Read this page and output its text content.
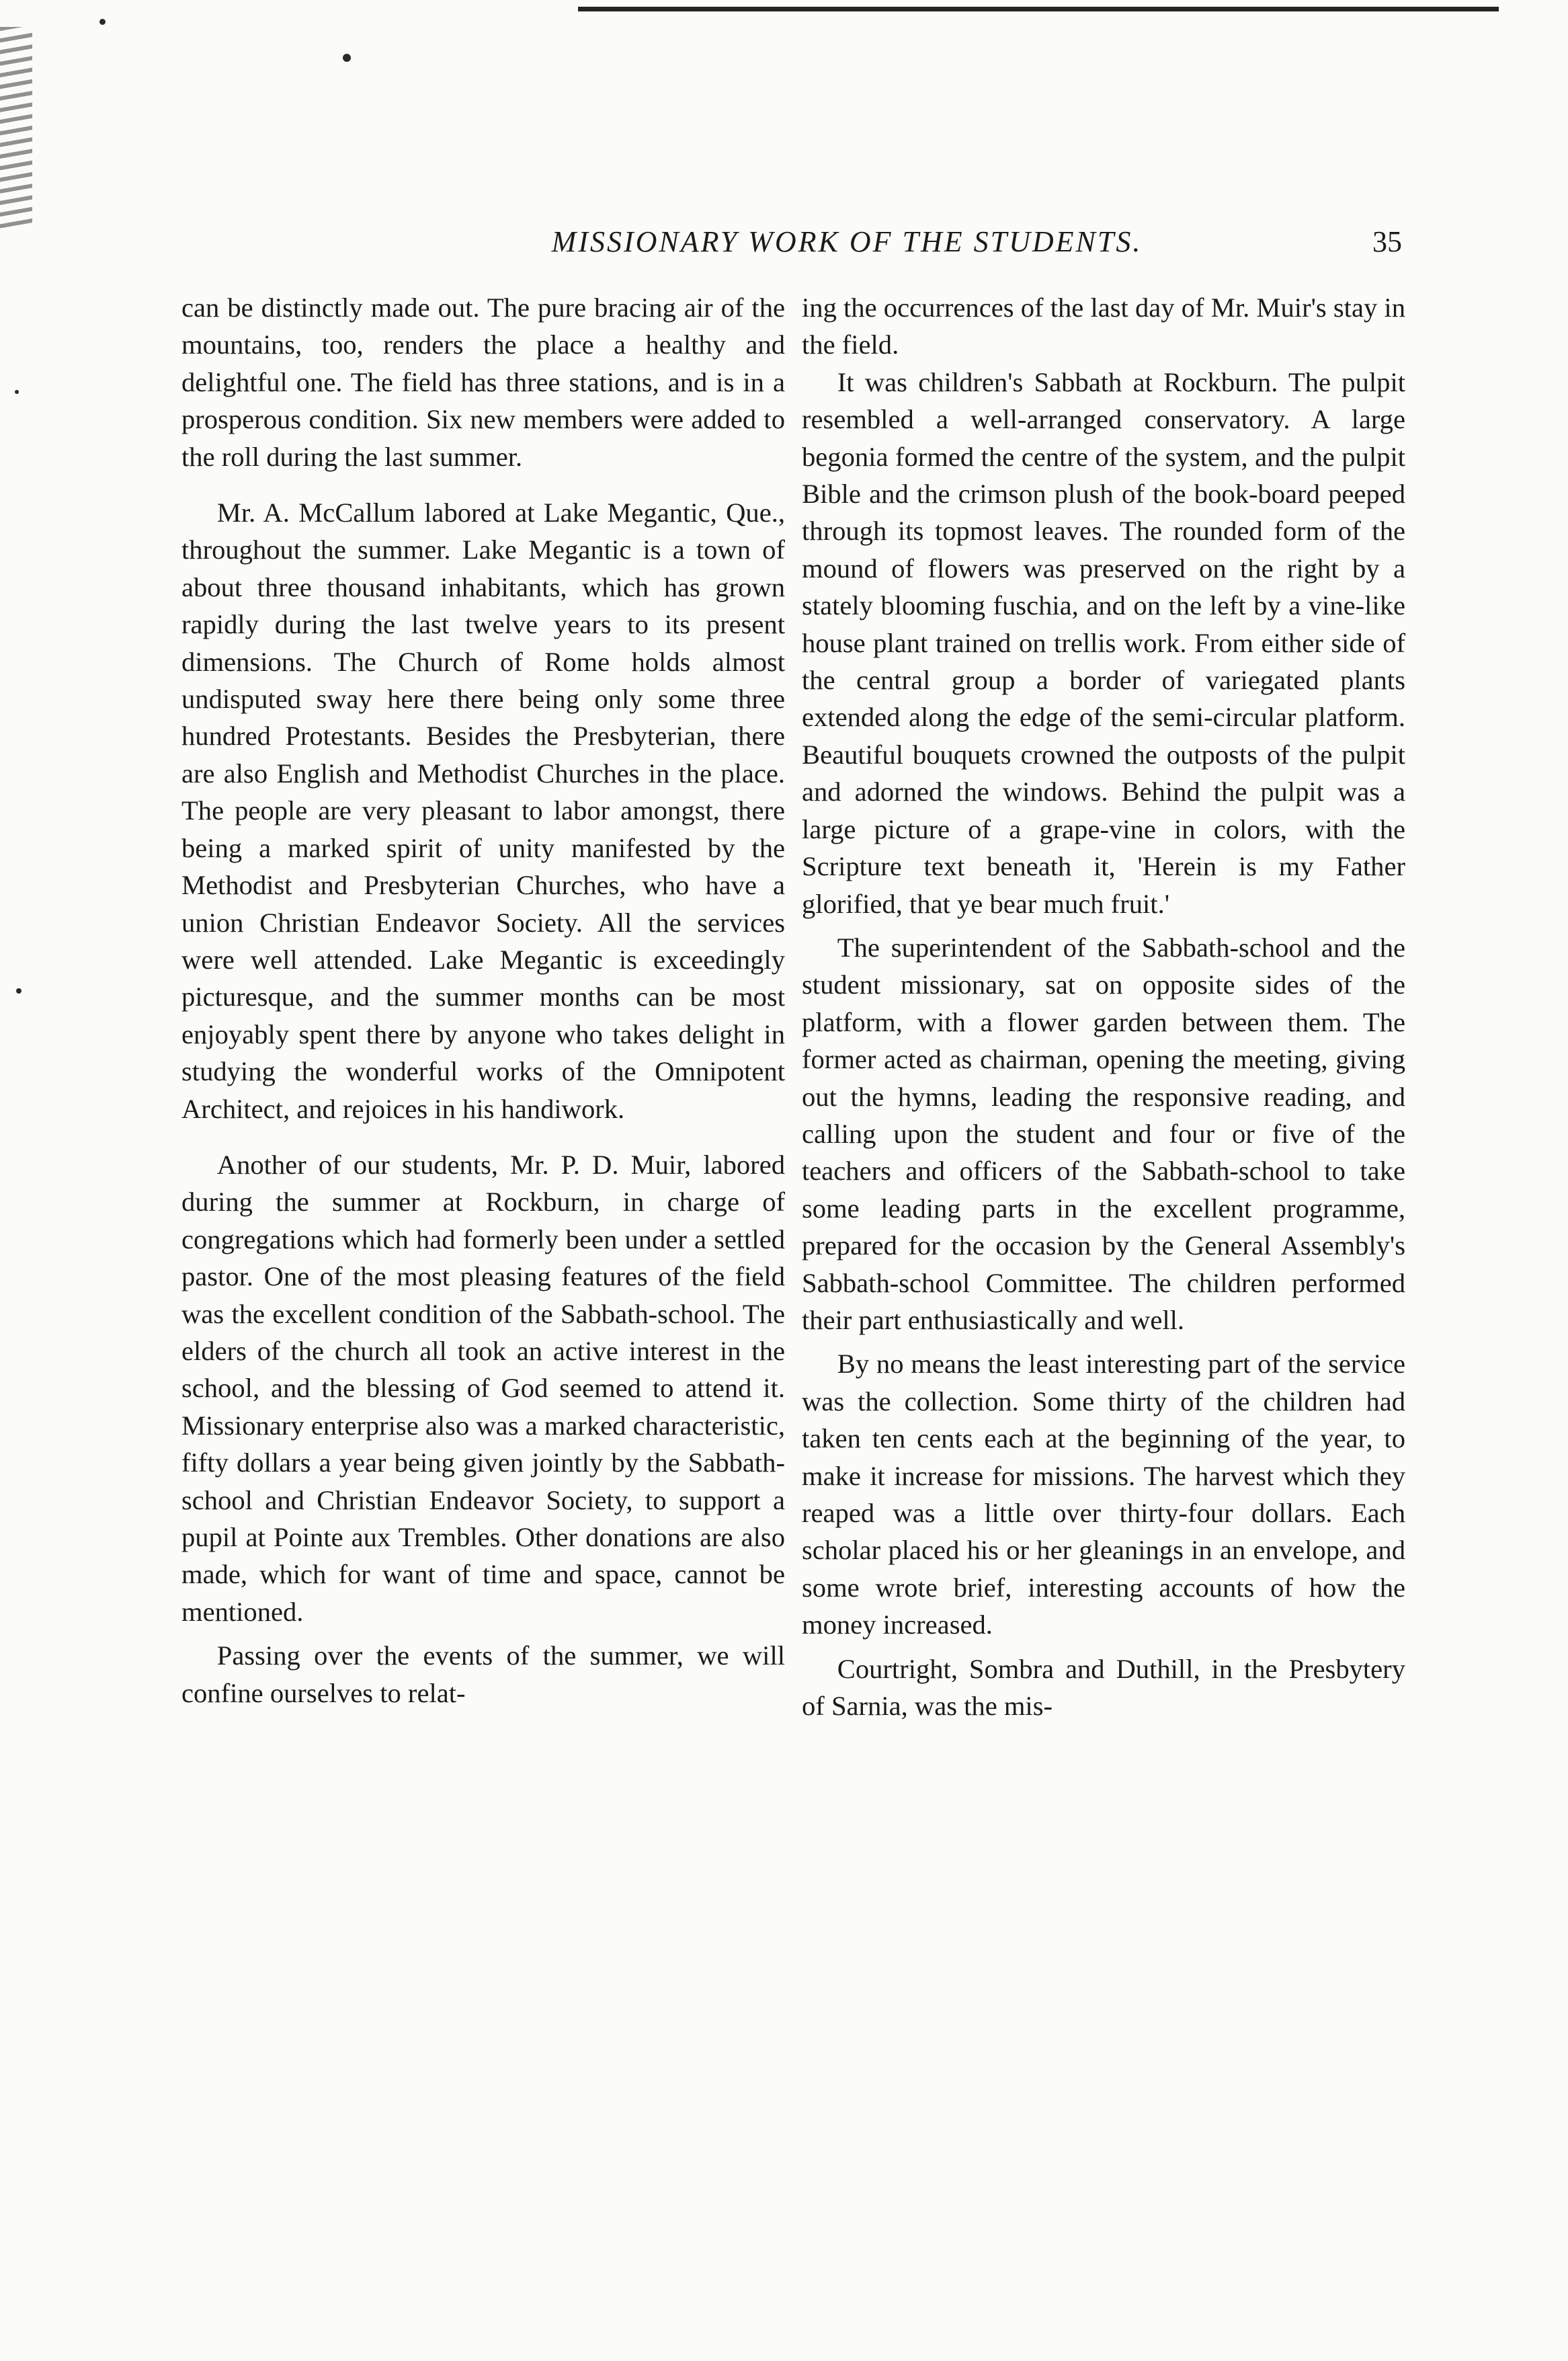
MISSIONARY WORK OF THE STUDENTS.	35

can be distinctly made out. The pure bracing air of the mountains, too, renders the place a healthy and delightful one. The field has three stations, and is in a prosperous condition. Six new members were added to the roll during the last summer.

Mr. A. McCallum labored at Lake Megantic, Que., throughout the summer. Lake Megantic is a town of about three thousand inhabitants, which has grown rapidly during the last twelve years to its present dimensions. The Church of Rome holds almost undisputed sway here there being only some three hundred Protestants. Besides the Presbyterian, there are also English and Methodist Churches in the place. The people are very pleasant to labor amongst, there being a marked spirit of unity manifested by the Methodist and Presbyterian Churches, who have a union Christian Endeavor Society. All the services were well attended. Lake Megantic is exceedingly picturesque, and the summer months can be most enjoyably spent there by anyone who takes delight in studying the wonderful works of the Omnipotent Architect, and rejoices in his handiwork.

Another of our students, Mr. P. D. Muir, labored during the summer at Rockburn, in charge of congregations which had formerly been under a settled pastor. One of the most pleasing features of the field was the excellent condition of the Sabbath-school. The elders of the church all took an active interest in the school, and the blessing of God seemed to attend it. Missionary enterprise also was a marked characteristic, fifty dollars a year being given jointly by the Sabbath-school and Christian Endeavor Society, to support a pupil at Pointe aux Trembles. Other donations are also made, which for want of time and space, cannot be mentioned.

Passing over the events of the summer, we will confine ourselves to relat-

ing the occurrences of the last day of Mr. Muir's stay in the field.

It was children's Sabbath at Rockburn. The pulpit resembled a well-arranged conservatory. A large begonia formed the centre of the system, and the pulpit Bible and the crimson plush of the book-board peeped through its topmost leaves. The rounded form of the mound of flowers was preserved on the right by a stately blooming fuschia, and on the left by a vine-like house plant trained on trellis work. From either side of the central group a border of variegated plants extended along the edge of the semi-circular platform. Beautiful bouquets crowned the outposts of the pulpit and adorned the windows. Behind the pulpit was a large picture of a grape-vine in colors, with the Scripture text beneath it, 'Herein is my Father glorified, that ye bear much fruit.'

The superintendent of the Sabbath-school and the student missionary, sat on opposite sides of the platform, with a flower garden between them. The former acted as chairman, opening the meeting, giving out the hymns, leading the responsive reading, and calling upon the student and four or five of the teachers and officers of the Sabbath-school to take some leading parts in the excellent programme, prepared for the occasion by the General Assembly's Sabbath-school Committee. The children performed their part enthusiastically and well.

By no means the least interesting part of the service was the collection. Some thirty of the children had taken ten cents each at the beginning of the year, to make it increase for missions. The harvest which they reaped was a little over thirty-four dollars. Each scholar placed his or her gleanings in an envelope, and some wrote brief, interesting accounts of how the money increased.

Courtright, Sombra and Duthill, in the Presbytery of Sarnia, was the mis-
